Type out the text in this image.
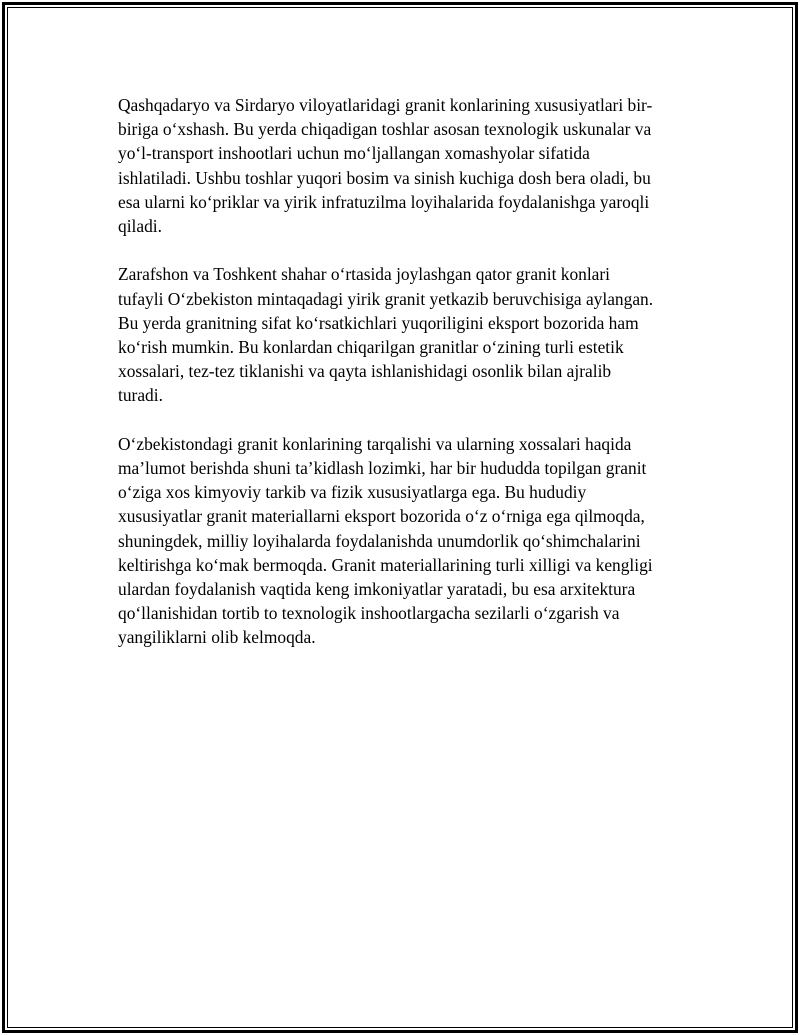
Qashqadaryo va Sirdaryo viloyatlaridagi granit konlarining xususiyatlari bir-
biriga o‘xshash. Bu yerda chiqadigan toshlar asosan texnologik uskunalar va
yo‘l-transport inshootlari uchun mo‘ljallangan xomashyolar sifatida
ishlatiladi. Ushbu toshlar yuqori bosim va sinish kuchiga dosh bera oladi, bu
esa ularni ko‘priklar va yirik infratuzilma loyihalarida foydalanishga yaroqli
qiladi.

Zarafshon va Toshkent shahar o‘rtasida joylashgan qator granit konlari
tufayli O‘zbekiston mintaqadagi yirik granit yetkazib beruvchisiga aylangan.
Bu yerda granitning sifat ko‘rsatkichlari yuqoriligini eksport bozorida ham
ko‘rish mumkin. Bu konlardan chiqarilgan granitlar o‘zining turli estetik
xossalari, tez-tez tiklanishi va qayta ishlanishidagi osonlik bilan ajralib
turadi.

O‘zbekistondagi granit konlarining tarqalishi va ularning xossalari haqida
ma’lumot berishda shuni ta’kidlash lozimki, har bir hududda topilgan granit
o‘ziga xos kimyoviy tarkib va fizik xususiyatlarga ega. Bu hududiy
xususiyatlar granit materiallarni eksport bozorida o‘z o‘rniga ega qilmoqda,
shuningdek, milliy loyihalarda foydalanishda unumdorlik qo‘shimchalarini
keltirishga ko‘mak bermoqda. Granit materiallarining turli xilligi va kengligi
ulardan foydalanish vaqtida keng imkoniyatlar yaratadi, bu esa arxitektura
qo‘llanishidan tortib to texnologik inshootlargacha sezilarli o‘zgarish va
yangiliklarni olib kelmoqda.
